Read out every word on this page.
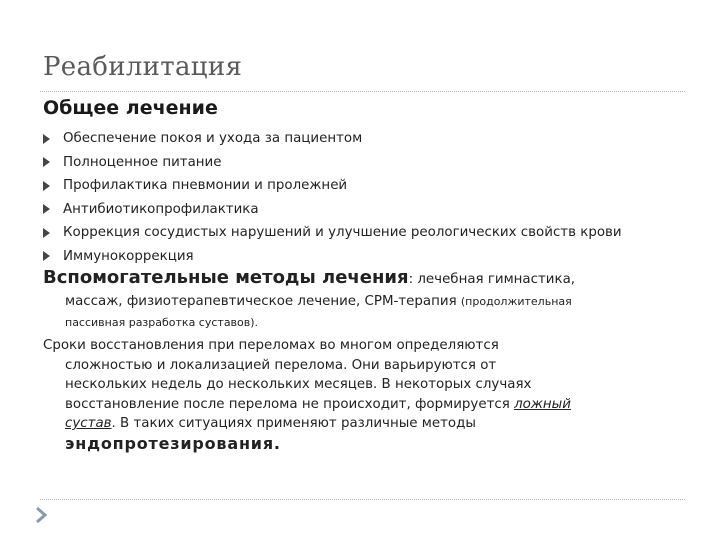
Реабилитация
Общее лечение
Обеспечение покоя и ухода за пациентом
Полноценное питание
Профилактика пневмонии и пролежней
Антибиотикопрофилактика
Коррекция сосудистых нарушений и улучшение реологических свойств крови
Иммунокоррекция
Вспомогательные методы лечения: лечебная гимнастика,
массаж, физиотерапевтическое лечение, СРМ-терапия (продолжительная
пассивная разработка суставов).
Сроки восстановления при переломах во многом определяются
сложностью и локализацией перелома. Они варьируются от
нескольких недель до нескольких месяцев. В некоторых случаях
восстановление после перелома не происходит, формируется ложный
сустав. В таких ситуациях применяют различные методы
эндопротезирования.
